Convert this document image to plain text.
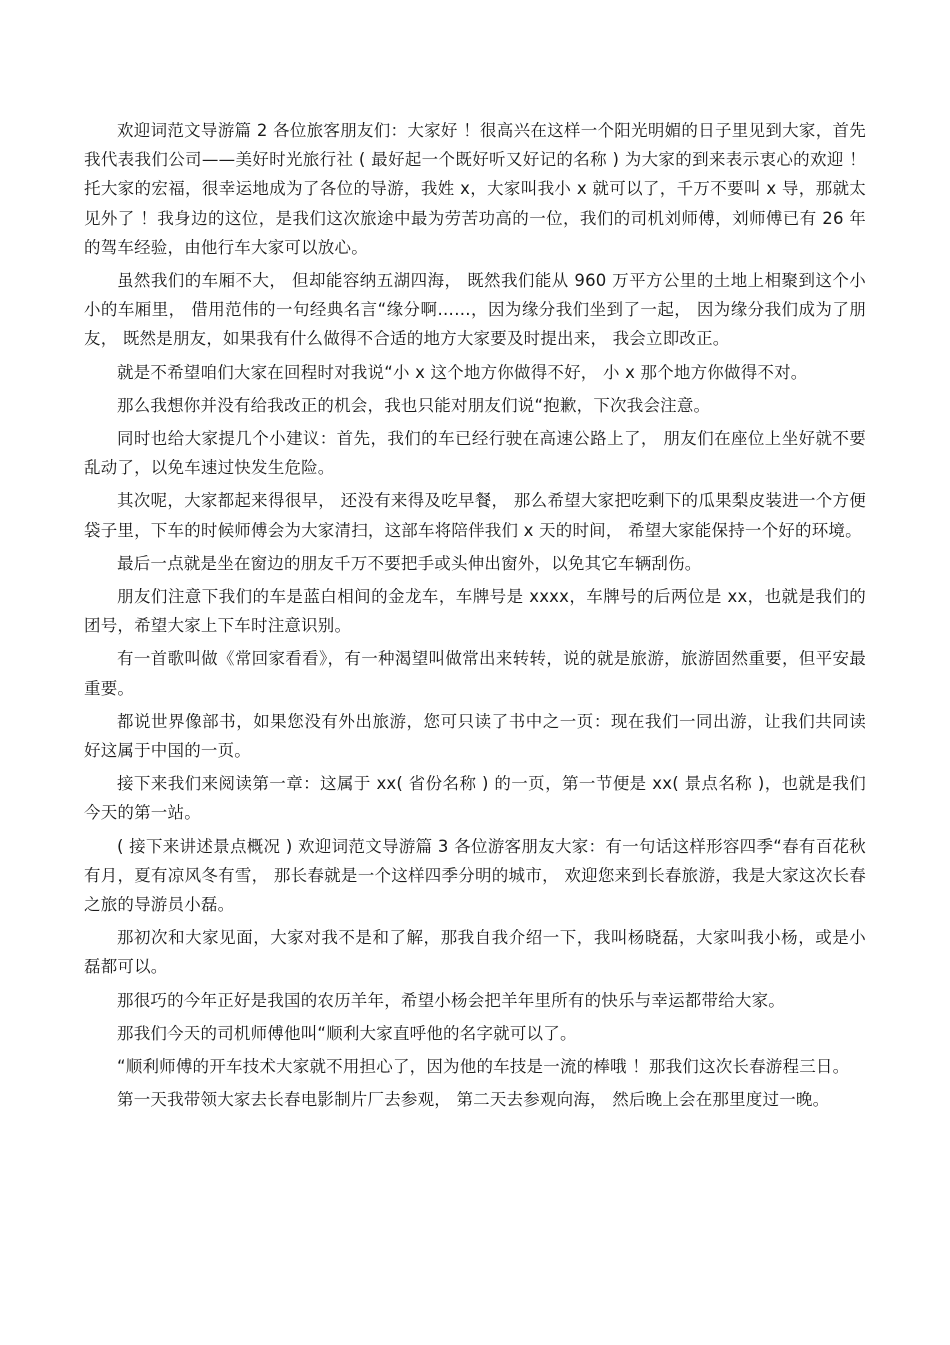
欢迎词范文导游篇 2 各位旅客朋友们：大家好 ！很高兴在这样一个阳光明媚的日子里见到大家，首先我代表我们公司——美好时光旅行社 ( 最好起一个既好听又好记的名称 ) 为大家的到来表示衷心的欢迎 ！托大家的宏福，很幸运地成为了各位的导游，我姓 x，大家叫我小 x 就可以了，千万不要叫 x 导，那就太见外了 ！我身边的这位，是我们这次旅途中最为劳苦功高的一位，我们的司机刘师傅，刘师傅已有 26 年的驾车经验，由他行车大家可以放心。

虽然我们的车厢不大， 但却能容纳五湖四海， 既然我们能从 960 万平方公里的土地上相聚到这个小小的车厢里， 借用范伟的一句经典名言“缘分啊……，因为缘分我们坐到了一起， 因为缘分我们成为了朋友， 既然是朋友，如果我有什么做得不合适的地方大家要及时提出来， 我会立即改正。

就是不希望咱们大家在回程时对我说“小 x 这个地方你做得不好， 小 x 那个地方你做得不对。

那么我想你并没有给我改正的机会，我也只能对朋友们说“抱歉，下次我会注意。

同时也给大家提几个小建议：首先，我们的车已经行驶在高速公路上了， 朋友们在座位上坐好就不要乱动了，以免车速过快发生危险。

其次呢，大家都起来得很早， 还没有来得及吃早餐， 那么希望大家把吃剩下的瓜果梨皮装进一个方便袋子里，下车的时候师傅会为大家清扫，这部车将陪伴我们 x 天的时间， 希望大家能保持一个好的环境。

最后一点就是坐在窗边的朋友千万不要把手或头伸出窗外，以免其它车辆刮伤。

朋友们注意下我们的车是蓝白相间的金龙车，车牌号是 xxxx，车牌号的后两位是 xx，也就是我们的团号，希望大家上下车时注意识别。

有一首歌叫做《常回家看看》，有一种渴望叫做常出来转转，说的就是旅游，旅游固然重要，但平安最重要。

都说世界像部书，如果您没有外出旅游，您可只读了书中之一页：现在我们一同出游，让我们共同读好这属于中国的一页。

接下来我们来阅读第一章：这属于 xx( 省份名称 ) 的一页，第一节便是 xx( 景点名称 )，也就是我们今天的第一站。

( 接下来讲述景点概况 ) 欢迎词范文导游篇 3 各位游客朋友大家：有一句话这样形容四季“春有百花秋有月，夏有凉风冬有雪， 那长春就是一个这样四季分明的城市， 欢迎您来到长春旅游，我是大家这次长春之旅的导游员小磊。

那初次和大家见面，大家对我不是和了解，那我自我介绍一下，我叫杨晓磊，大家叫我小杨，或是小磊都可以。

那很巧的今年正好是我国的农历羊年，希望小杨会把羊年里所有的快乐与幸运都带给大家。

那我们今天的司机师傅他叫“顺利大家直呼他的名字就可以了。

“顺利师傅的开车技术大家就不用担心了，因为他的车技是一流的棒哦 ！那我们这次长春游程三日。

第一天我带领大家去长春电影制片厂去参观， 第二天去参观向海， 然后晚上会在那里度过一晚。
